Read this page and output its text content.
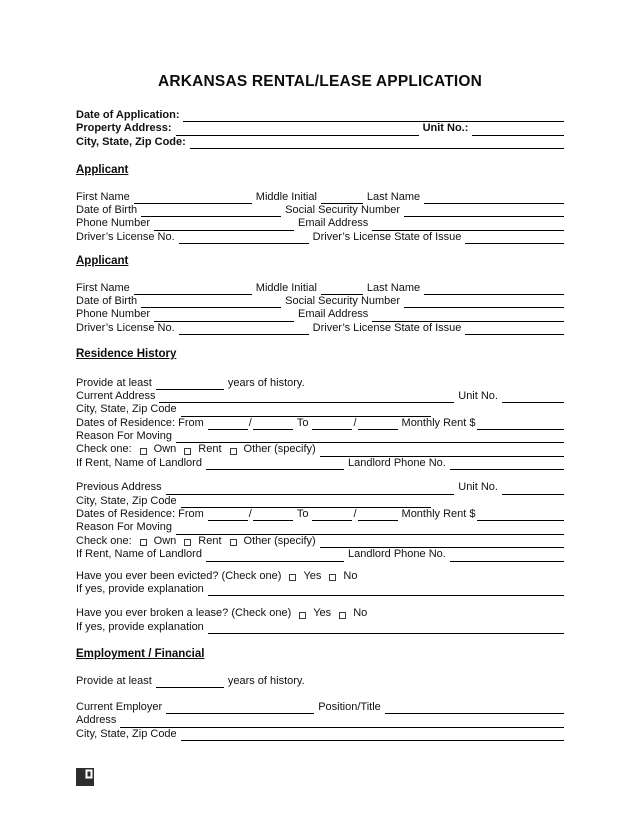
ARKANSAS RENTAL/LEASE APPLICATION
Date of Application:
Property Address:	Unit No.:
City, State, Zip Code:
Applicant
First Name	Middle Initial	Last Name
Date of Birth	Social Security Number
Phone Number	Email Address
Driver’s License No.	Driver’s License State of Issue
Applicant
First Name	Middle Initial	Last Name
Date of Birth	Social Security Number
Phone Number	Email Address
Driver’s License No.	Driver’s License State of Issue
Residence History
Provide at least	years of history.
Current Address	Unit No.
City, State, Zip Code
Dates of Residence: From	/	To	/	Monthly Rent $
Reason For Moving
Check one: Own Rent Other (specify)
If Rent, Name of Landlord	Landlord Phone No.
Previous Address	Unit No.
City, State, Zip Code
Dates of Residence: From	/	To	/	Monthly Rent $
Reason For Moving
Check one: Own Rent Other (specify)
If Rent, Name of Landlord	Landlord Phone No.
Have you ever been evicted? (Check one) Yes No
If yes, provide explanation
Have you ever broken a lease? (Check one) Yes No
If yes, provide explanation
Employment / Financial
Provide at least	years of history.
Current Employer	Position/Title
Address
City, State, Zip Code
